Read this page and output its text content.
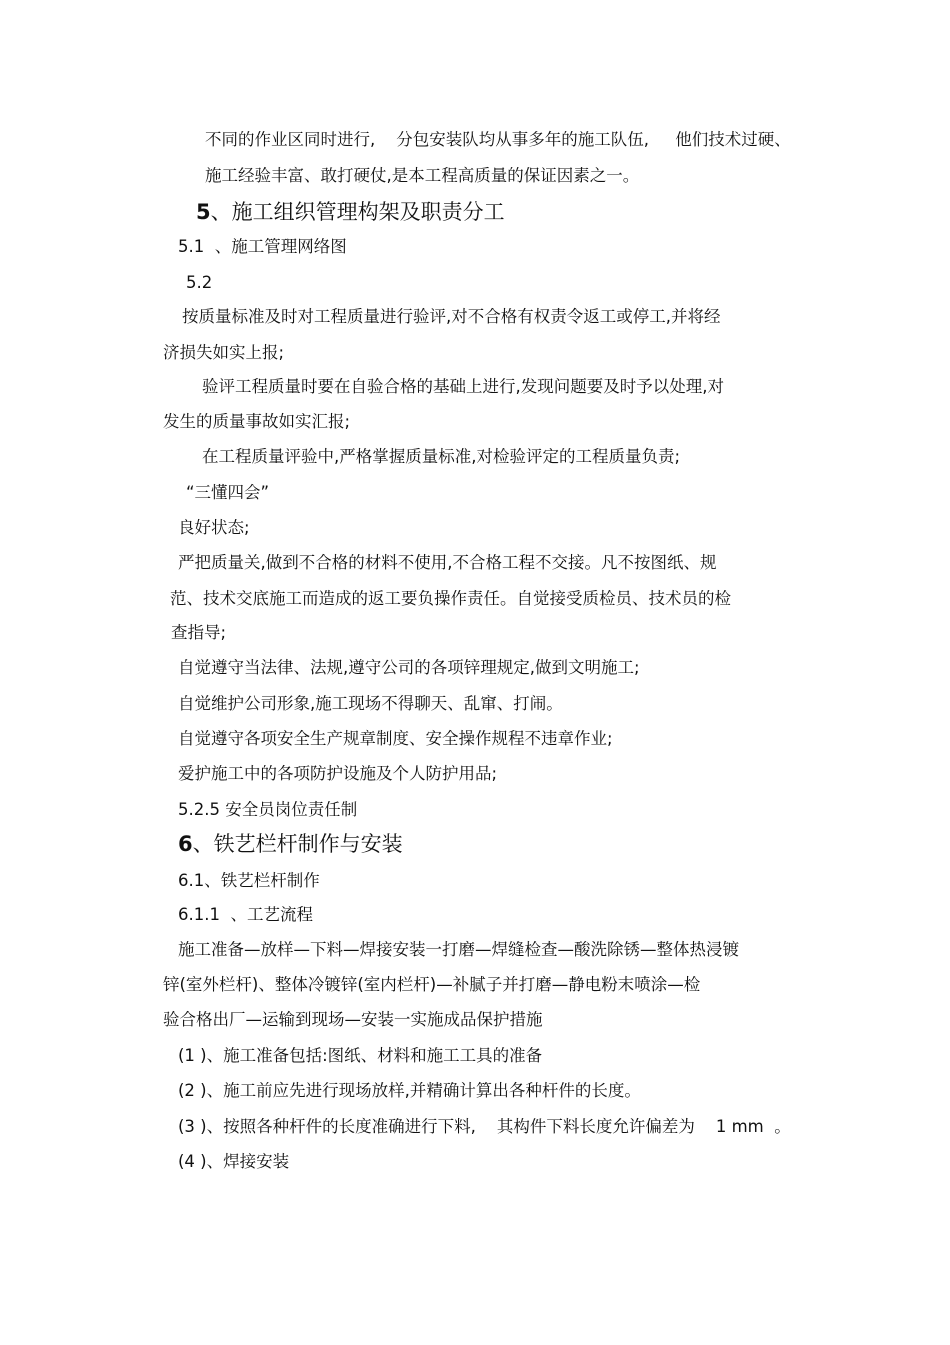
不同的作业区同时进行,    分包安装队均从事多年的施工队伍,     他们技术过硬、
施工经验丰富、敢打硬仗,是本工程高质量的保证因素之一。
5、施工组织管理构架及职责分工
5.1  、施工管理网络图
5.2
按质量标准及时对工程质量进行验评,对不合格有权责令返工或停工,并将经
济损失如实上报;
验评工程质量时要在自验合格的基础上进行,发现问题要及时予以处理,对
发生的质量事故如实汇报;
在工程质量评验中,严格掌握质量标准,对检验评定的工程质量负责;
“三懂四会”
良好状态;
严把质量关,做到不合格的材料不使用,不合格工程不交接。凡不按图纸、规
范、技术交底施工而造成的返工要负操作责任。自觉接受质检员、技术员的检
查指导;
自觉遵守当法律、法规,遵守公司的各项锌理规定,做到文明施工;
自觉维护公司形象,施工现场不得聊天、乱窜、打闹。
自觉遵守各项安全生产规章制度、安全操作规程不违章作业;
爱护施工中的各项防护设施及个人防护用品;
5.2.5 安全员岗位责任制
6、铁艺栏杆制作与安装
6.1、铁艺栏杆制作
6.1.1  、工艺流程
施工准备—放样—下料—焊接安装一打磨—焊缝检查—酸洗除锈—整体热浸镀
锌(室外栏杆)、整体冷镀锌(室内栏杆)—补腻子并打磨—静电粉末喷涂—检
验合格出厂—运输到现场—安装一实施成品保护措施
(1 )、施工准备包括:图纸、材料和施工工具的准备
(2 )、施工前应先进行现场放样,并精确计算出各种杆件的长度。
(3 )、按照各种杆件的长度准确进行下料,    其构件下料长度允许偏差为    1 mm  。
(4 )、焊接安装
